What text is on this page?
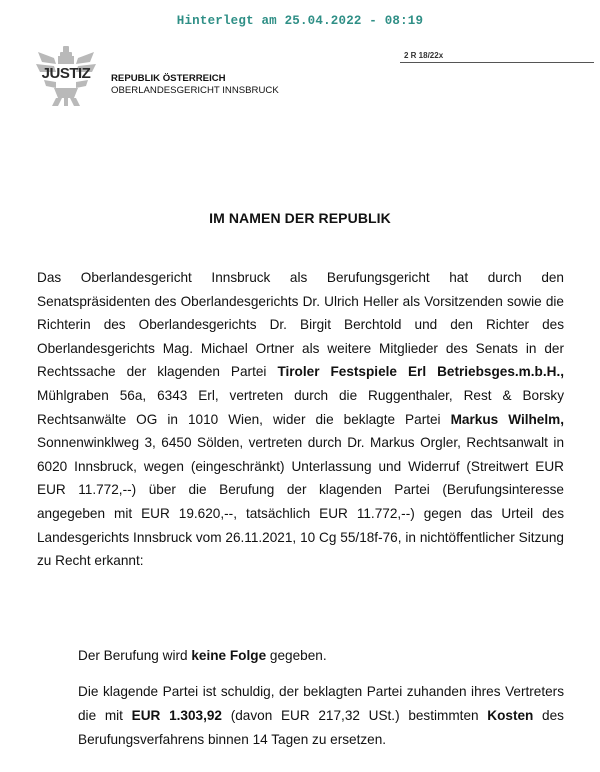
Hinterlegt am 25.04.2022 - 08:19
JUSTIZ	REPUBLIK ÖSTERREICH
OBERLANDESGERICHT INNSBRUCK
2 R 18/22x
IM NAMEN DER REPUBLIK

Das Oberlandesgericht Innsbruck als Berufungsgericht hat durch den Senatspräsidenten des Oberlandesgerichts Dr. Ulrich Heller als Vorsitzenden sowie die Richterin des Oberlandesgerichts Dr. Birgit Berchtold und den Richter des Oberlandesgerichts Mag. Michael Ortner als weitere Mitglieder des Senats in der Rechtssache der klagenden Partei Tiroler Festspiele Erl Betriebsges.m.b.H., Mühlgraben 56a, 6343 Erl, vertreten durch die Ruggenthaler, Rest & Borsky Rechtsanwälte OG in 1010 Wien, wider die beklagte Partei Markus Wilhelm, Sonnenwinklweg 3, 6450 Sölden, vertreten durch Dr. Markus Orgler, Rechtsanwalt in 6020 Innsbruck, wegen (eingeschränkt) Unterlassung und Widerruf (Streitwert EUR EUR 11.772,--) über die Berufung der klagenden Partei (Berufungsinteresse angegeben mit EUR 19.620,--, tatsächlich EUR 11.772,--) gegen das Urteil des Landesgerichts Innsbruck vom 26.11.2021, 10 Cg 55/18f-76, in nichtöffentlicher Sitzung zu Recht erkannt:

Der Berufung wird keine Folge gegeben.

Die klagende Partei ist schuldig, der beklagten Partei zuhanden ihres Vertreters die mit EUR 1.303,92 (davon EUR 217,32 USt.) bestimmten Kosten des Berufungsverfahrens binnen 14 Tagen zu ersetzen.
